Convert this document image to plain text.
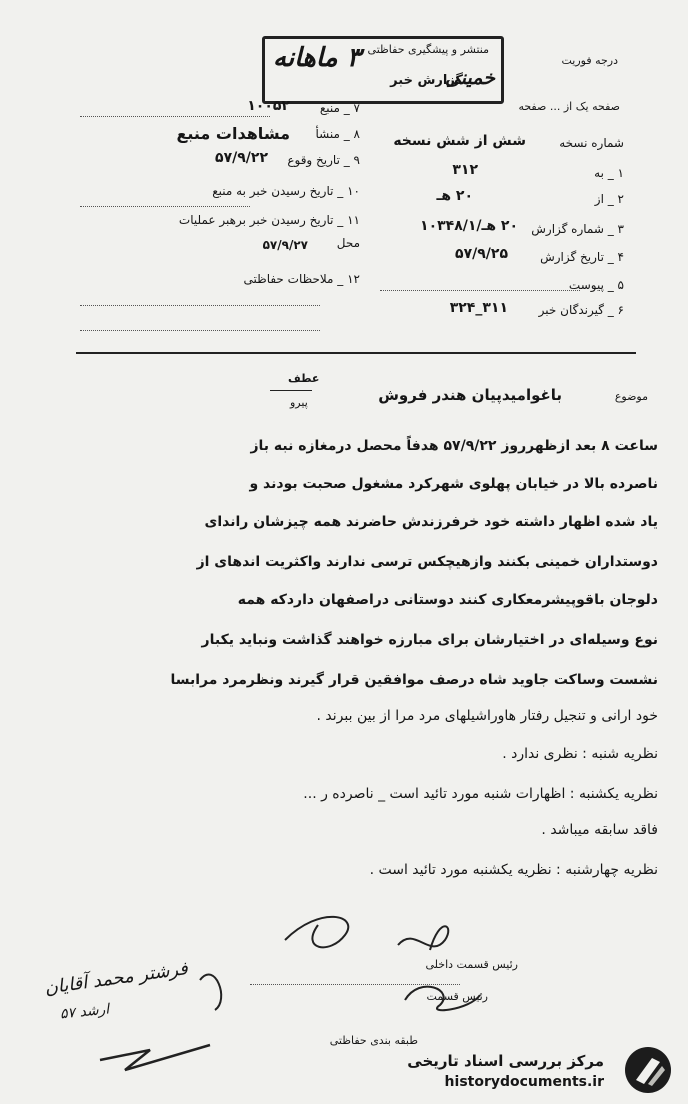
درجه فوریت
منتشر و پیشگیری حفاظتی
خمینی
۳ ماهانه
گزارش خبر
۷ _ منبع
۱۰۰۵۲
۸ _ منشأ
مشاهدات منبع
۹ _ تاریخ وقوع
۵۷/۹/۲۲
۱۰ _ تاریخ رسیدن خبر به منبع
۱۱ _ تاریخ رسیدن خبر برهبر عملیات
محل
۵۷/۹/۲۷
۱۲ _ ملاحظات حفاظتی
صفحه یک از ... صفحه
شماره نسخه
شش از شش نسخه
۱ _ به
۳۱۲
۲ _ از
۲۰ هـ
۳ _ شماره گزارش
۲۰ هـ/۱۰۳۴۸/۱
۴ _ تاریخ گزارش
۵۷/۹/۲۵
۵ _ پیوست
۶ _ گیرندگان خبر
۳۱۱_۳۲۴
موضوع
باغوامیدپیان هندر فروش
عطف
پیرو
ساعت ۸ بعد ازظهرروز ۵۷/۹/۲۲ هدفاً محصل درمغازه نبه باز
ناصرده بالا در خیابان پهلوی شهرکرد مشغول صحبت بودند و
یاد شده اظهار داشته خود خرفرزندش حاضرند همه چیزشان راندای
دوستداران خمینی بکنند وازهیچکس ترسی ندارند واکثریت اندهای از
دلوجان باقوپیشرمعکاری کنند دوستانی دراصفهان داردکه همه
نوع وسیله‌ای در اختیارشان برای مبارزه خواهند گذاشت ونباید یکبار
نشست وساکت جاوید شاه درصف موافقین قرار گیرند ونظرمرد مرابسا
خود ارانی و تنجیل رفتار هاوراشیلهای مرد مرا از بین ببرند .
نظریه شنبه : نظری ندارد .
نظریه یکشنبه : اظهارات شنبه مورد تائید است _ ناصرده ر ...
فاقد سابقه میباشد .
نظریه چهارشنبه : نظریه یکشنبه مورد تائید است .
رئیس قسمت داخلی
رئیس قسمت
طبقه بندی حفاظتی
فرشتر محمد آقایان
ارشد ۵۷
مرکز بررسی اسناد تاریخی
historydocuments.ir
